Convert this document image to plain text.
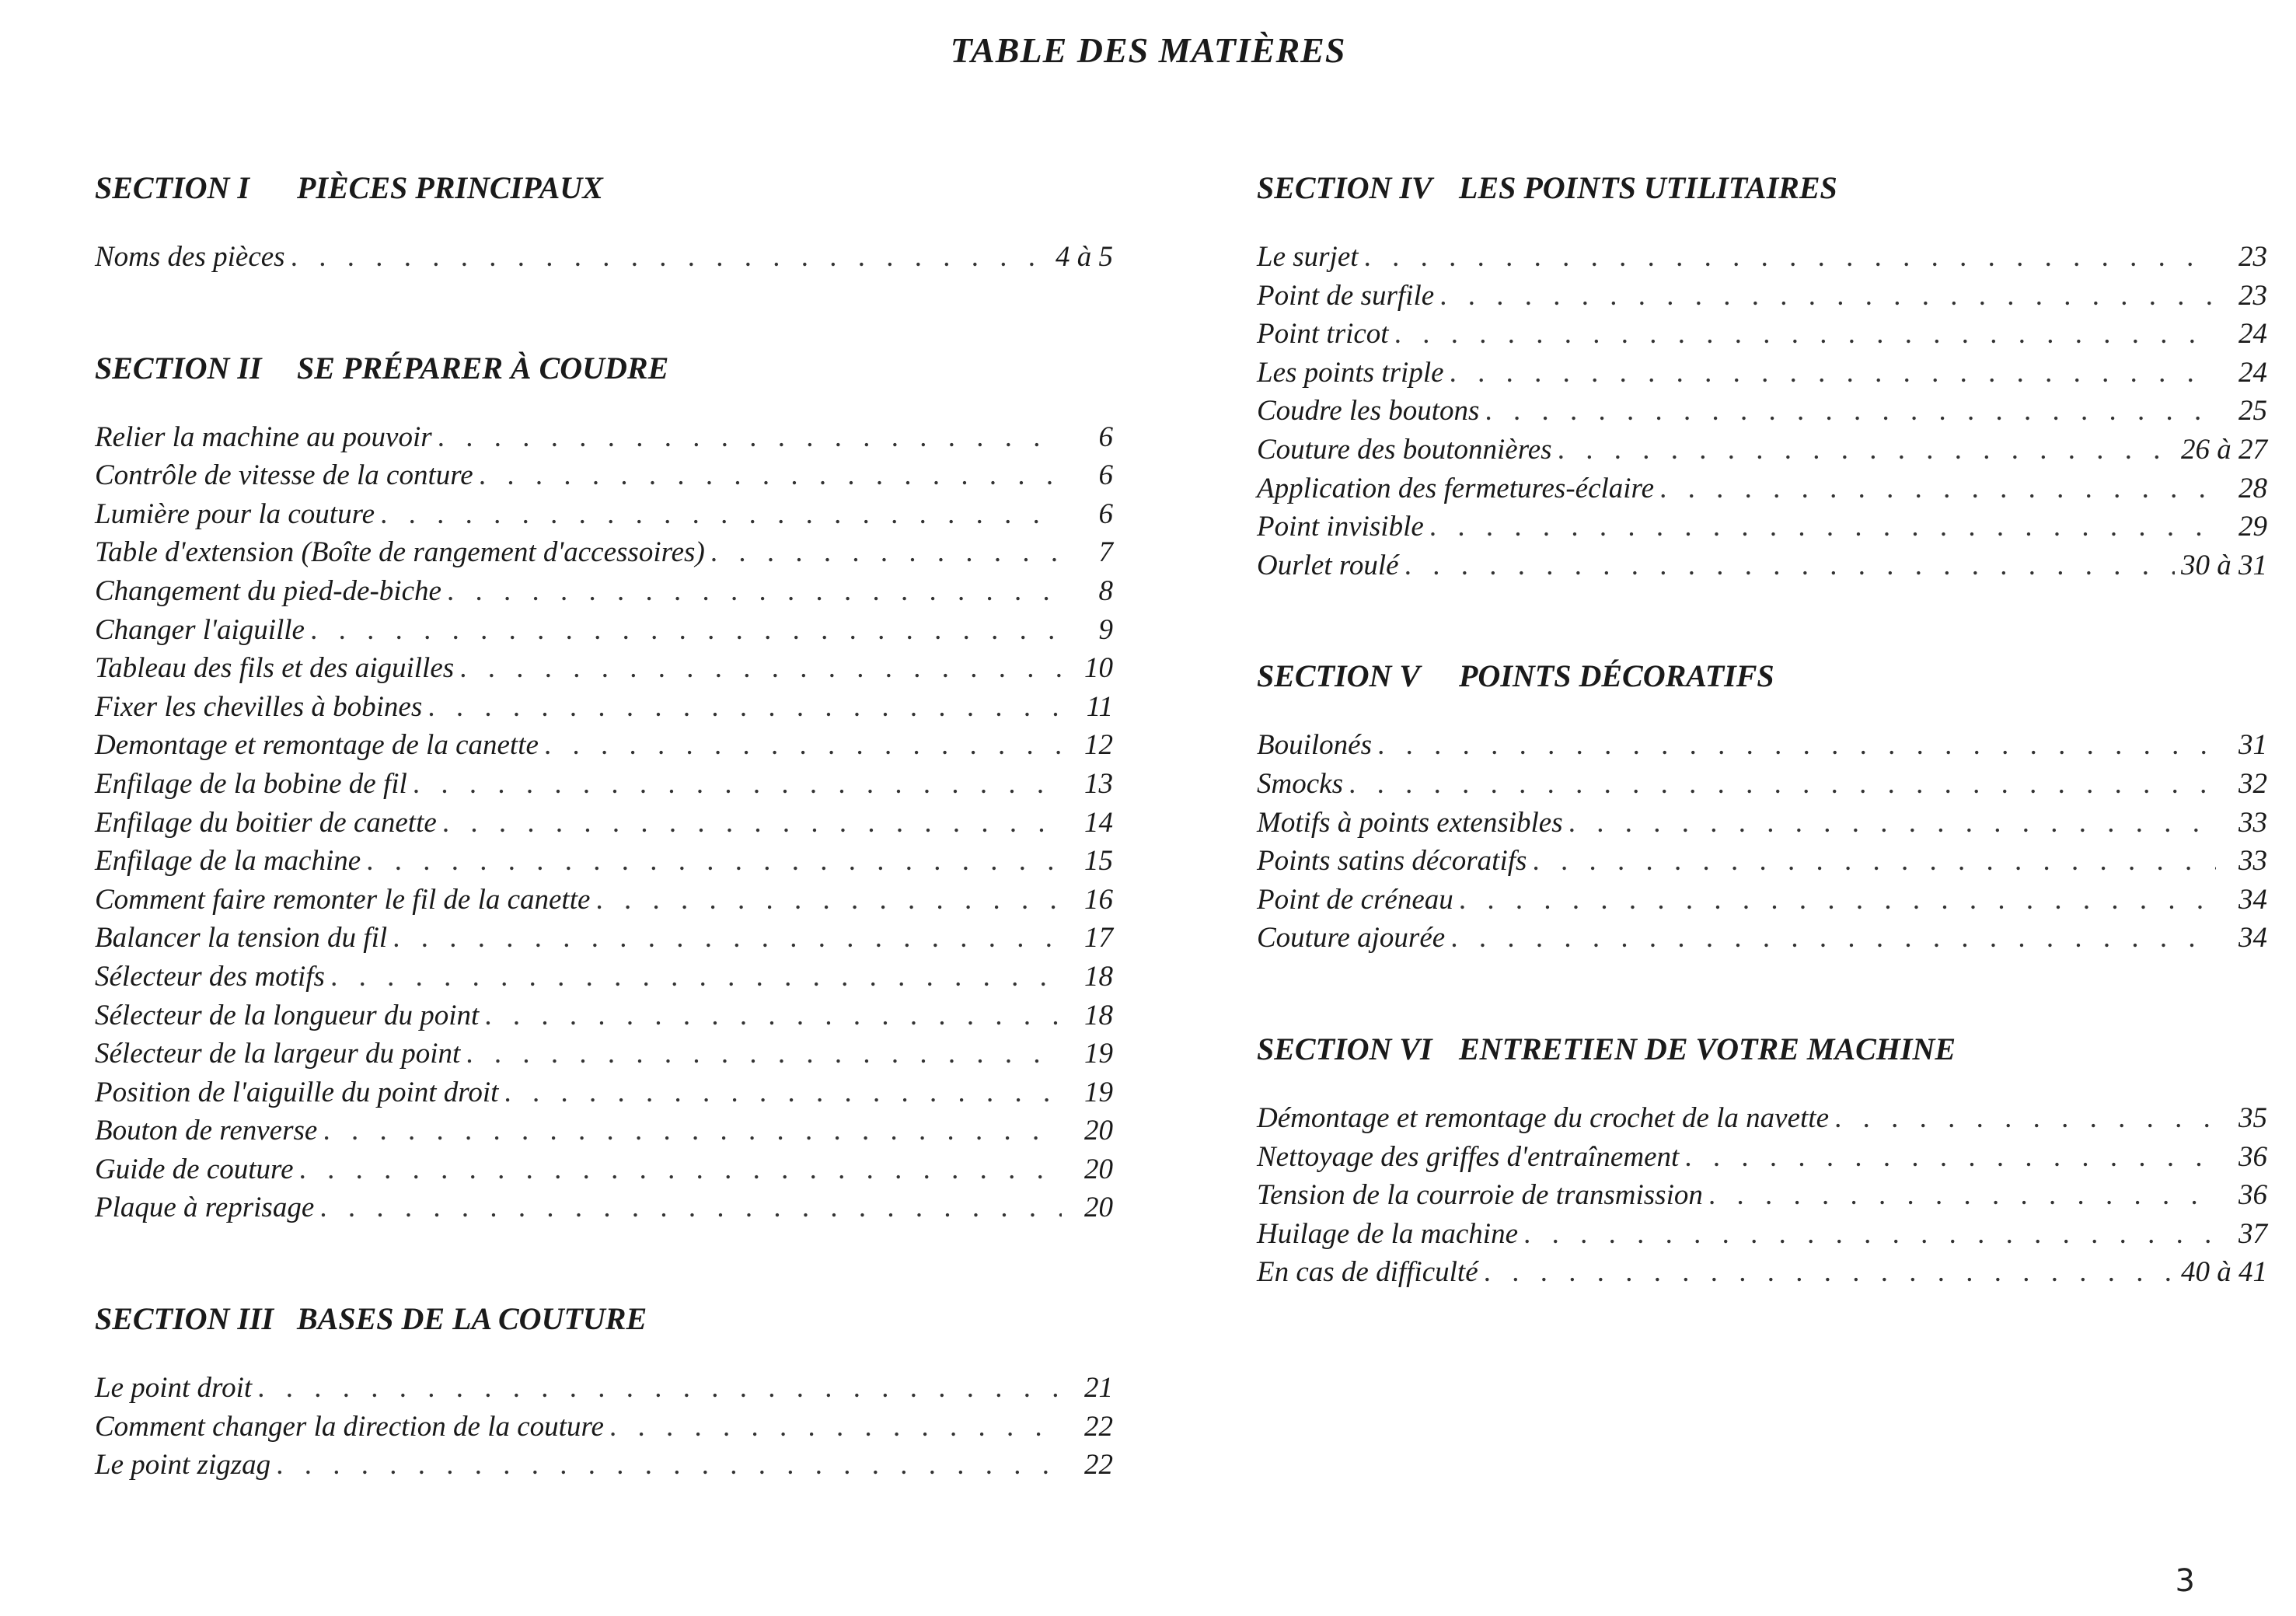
TABLE DES MATIÈRES
SECTION I	PIÈCES PRINCIPAUX
Noms des pièces . . .	4 à 5
SECTION II	SE PRÉPARER À COUDRE
Relier la machine au pouvoir . . .	6
Contrôle de vitesse de la conture . . .	6
Lumière pour la couture . . .	6
Table d'extension (Boîte de rangement d'accessoires) . . .	7
Changement du pied-de-biche . . .	8
Changer l'aiguille . . .	9
Tableau des fils et des aiguilles . . .	10
Fixer les chevilles à bobines . . .	11
Demontage et remontage de la canette . . .	12
Enfilage de la bobine de fil . . .	13
Enfilage du boitier de canette . . .	14
Enfilage de la machine . . .	15
Comment faire remonter le fil de la canette . . .	16
Balancer la tension du fil . . .	17
Sélecteur des motifs . . .	18
Sélecteur de la longueur du point . . .	18
Sélecteur de la largeur du point . . .	19
Position de l'aiguille du point droit . . .	19
Bouton de renverse . . .	20
Guide de couture . . .	20
Plaque à reprisage . . .	20
SECTION III BASES DE LA COUTURE
Le point droit . . .	21
Comment changer la direction de la couture . . .	22
Le point zigzag . . .	22
SECTION IV LES POINTS UTILITAIRES
Le surjet . . .	23
Point de surfile . . .	23
Point tricot . . .	24
Les points triple . . .	24
Coudre les boutons . . .	25
Couture des boutonnières . . .	26 à 27
Application des fermetures-éclaire . . .	28
Point invisible . . .	29
Ourlet roulé . . .	30 à 31
SECTION V	POINTS DÉCORATIFS
Bouilonés . . .	31
Smocks . . .	32
Motifs à points extensibles . . .	33
Points satins décoratifs . . .	33
Point de créneau . . .	34
Couture ajourée . . .	34
SECTION VI ENTRETIEN DE VOTRE MACHINE
Démontage et remontage du crochet de la navette . . .	35
Nettoyage des griffes d'entraînement . . .	36
Tension de la courroie de transmission . . .	36
Huilage de la machine . . .	37
En cas de difficulté . . .	40 à 41
3
